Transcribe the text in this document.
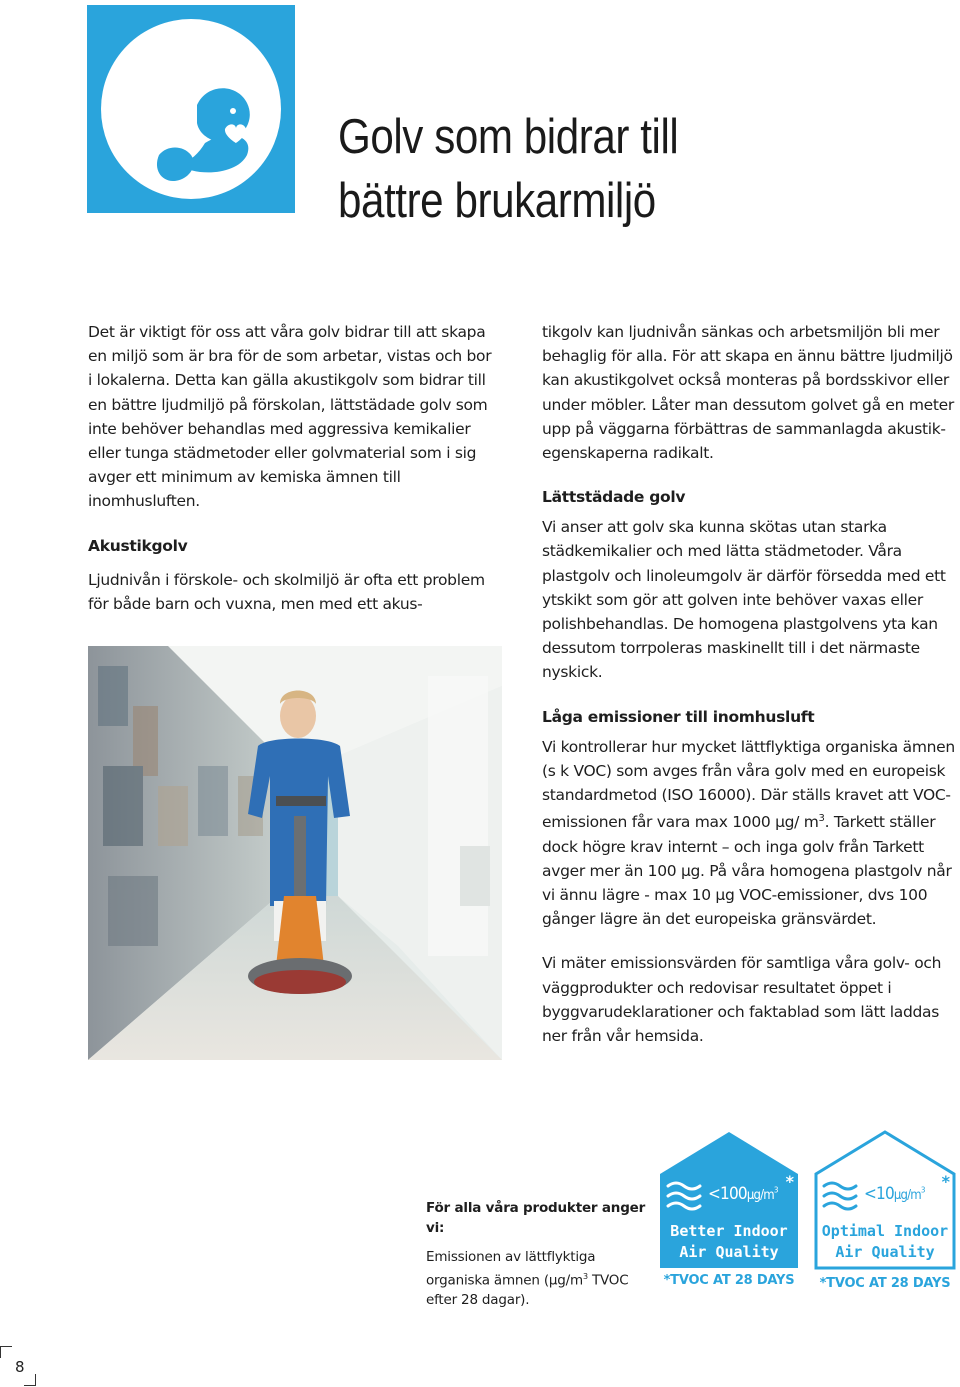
people-
friendly
spaces
Golv som bidrar till
bättre brukarmiljö

Det är viktigt för oss att våra golv bidrar till att skapa en miljö som är bra för de som arbetar, vistas och bor i lokalerna. Detta kan gälla akustikgolv som bidrar till en bättre ljudmiljö på förskolan, lättstädade golv som inte behöver behandlas med aggressiva kemikalier eller tunga städmetoder eller golvmaterial som i sig avger ett minimum av kemiska ämnen till inomhusluften.

Akustikgolv

Ljudnivån i förskole- och skolmiljö är ofta ett problem för både barn och vuxna, men med ett akus-

tikgolv kan ljudnivån sänkas och arbetsmiljön bli mer behaglig för alla. För att skapa en ännu bättre ljudmiljö kan akustikgolvet också monteras på bordsskivor eller under möbler. Låter man dessutom golvet gå en meter upp på väggarna förbättras de sammanlagda akustik-egenskaperna radikalt.

Lättstädade golv

Vi anser att golv ska kunna skötas utan starka städkemikalier och med lätta städmetoder. Våra plastgolv och linoleumgolv är därför försedda med ett ytskikt som gör att golven inte behöver vaxas eller polishbehandlas. De homogena plastgolvens yta kan dessutom torrpoleras maskinellt till i det närmaste nyskick.

Låga emissioner till inomhusluft

Vi kontrollerar hur mycket lättflyktiga organiska ämnen (s k VOC) som avges från våra golv med en europeisk standardmetod (ISO 16000). Där ställs kravet att VOC-emissionen får vara max 1000 µg/ $m^3$. Tarkett ställer dock högre krav internt – och inga golv från Tarkett avger mer än 100 µg. På våra homogena plastgolv når vi ännu lägre - max 10 µg VOC-emissioner, dvs 100 gånger lägre än det europeiska gränsvärdet.

Vi mäter emissionsvärden för samtliga våra golv- och väggprodukter och redovisar resultatet öppet i byggvarudeklarationer och faktablad som lätt laddas ner från vår hemsida.

För alla våra produkter anger vi:
Emissionen av lättflyktiga organiska ämnen ($\mu g/m^3$ TVOC efter 28 dagar).
$<100\mu g/m^3$ *
Better Indoor
Air Quality
*TVOC AT 28 DAYS
$<10\mu g/m^3$ *
Optimal Indoor
Air Quality
*TVOC AT 28 DAYS
8
